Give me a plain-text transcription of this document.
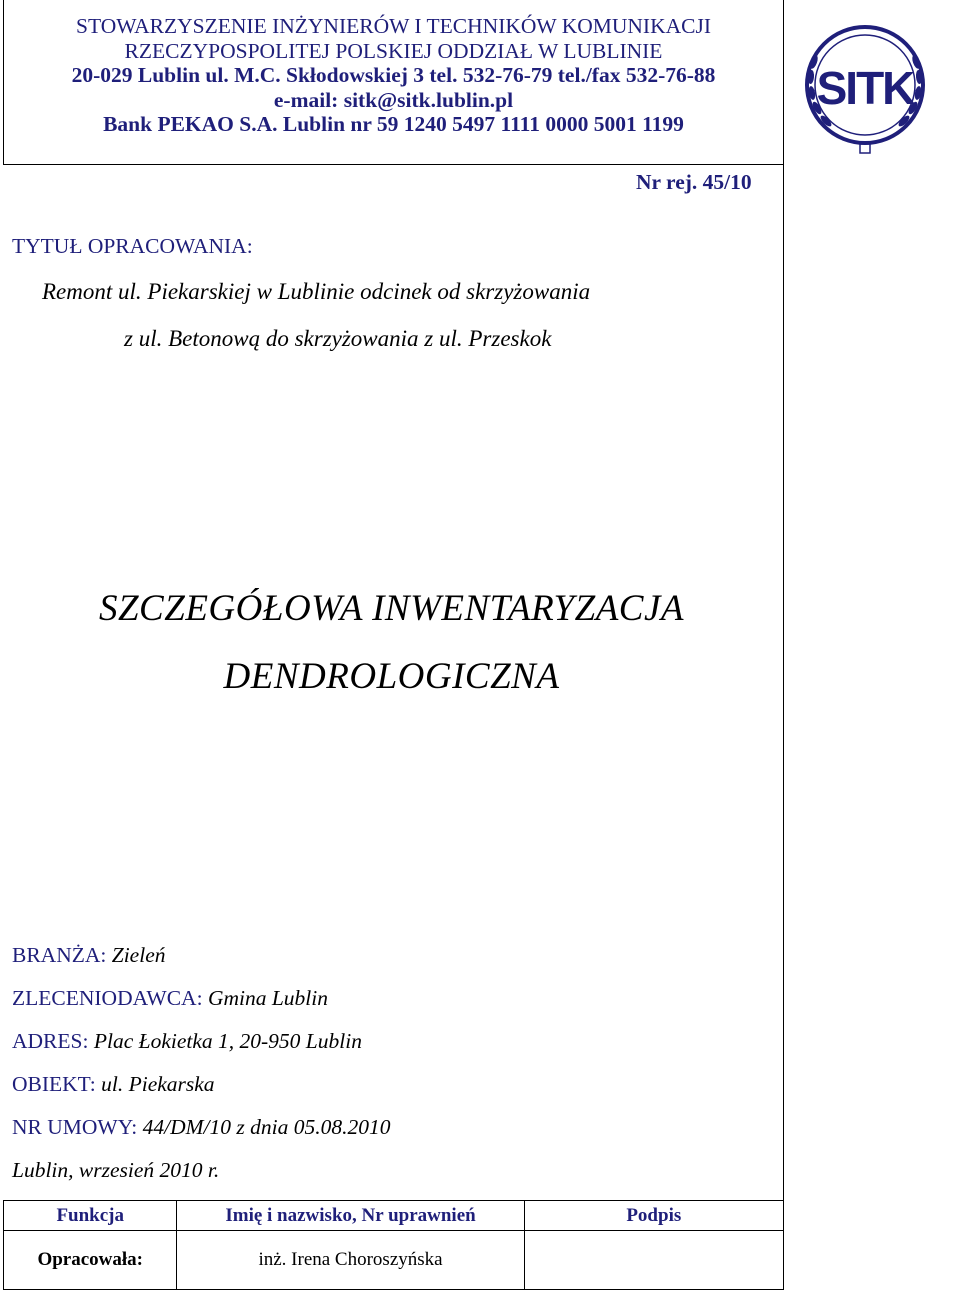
STOWARZYSZENIE INŻYNIERÓW I TECHNIKÓW KOMUNIKACJI
RZECZYPOSPOLITEJ POLSKIEJ ODDZIAŁ W LUBLINIE
20-029 Lublin ul. M.C. Skłodowskiej 3 tel. 532-76-79 tel./fax 532-76-88
e-mail: sitk@sitk.lublin.pl
Bank PEKAO S.A. Lublin nr 59 1240 5497 1111 0000 5001 1199
SITK
Nr rej. 45/10
TYTUŁ OPRACOWANIA:
Remont ul. Piekarskiej w Lublinie odcinek od skrzyżowania
z ul. Betonową do skrzyżowania z ul. Przeskok
SZCZEGÓŁOWA INWENTARYZACJA
DENDROLOGICZNA
BRANŻA: Zieleń
ZLECENIODAWCA: Gmina Lublin
ADRES: Plac Łokietka 1, 20-950 Lublin
OBIEKT: ul. Piekarska
NR UMOWY: 44/DM/10 z dnia 05.08.2010
Lublin, wrzesień 2010 r.
Funkcja	Imię i nazwisko, Nr uprawnień	Podpis
Opracowała:	inż. Irena Choroszyńska	
